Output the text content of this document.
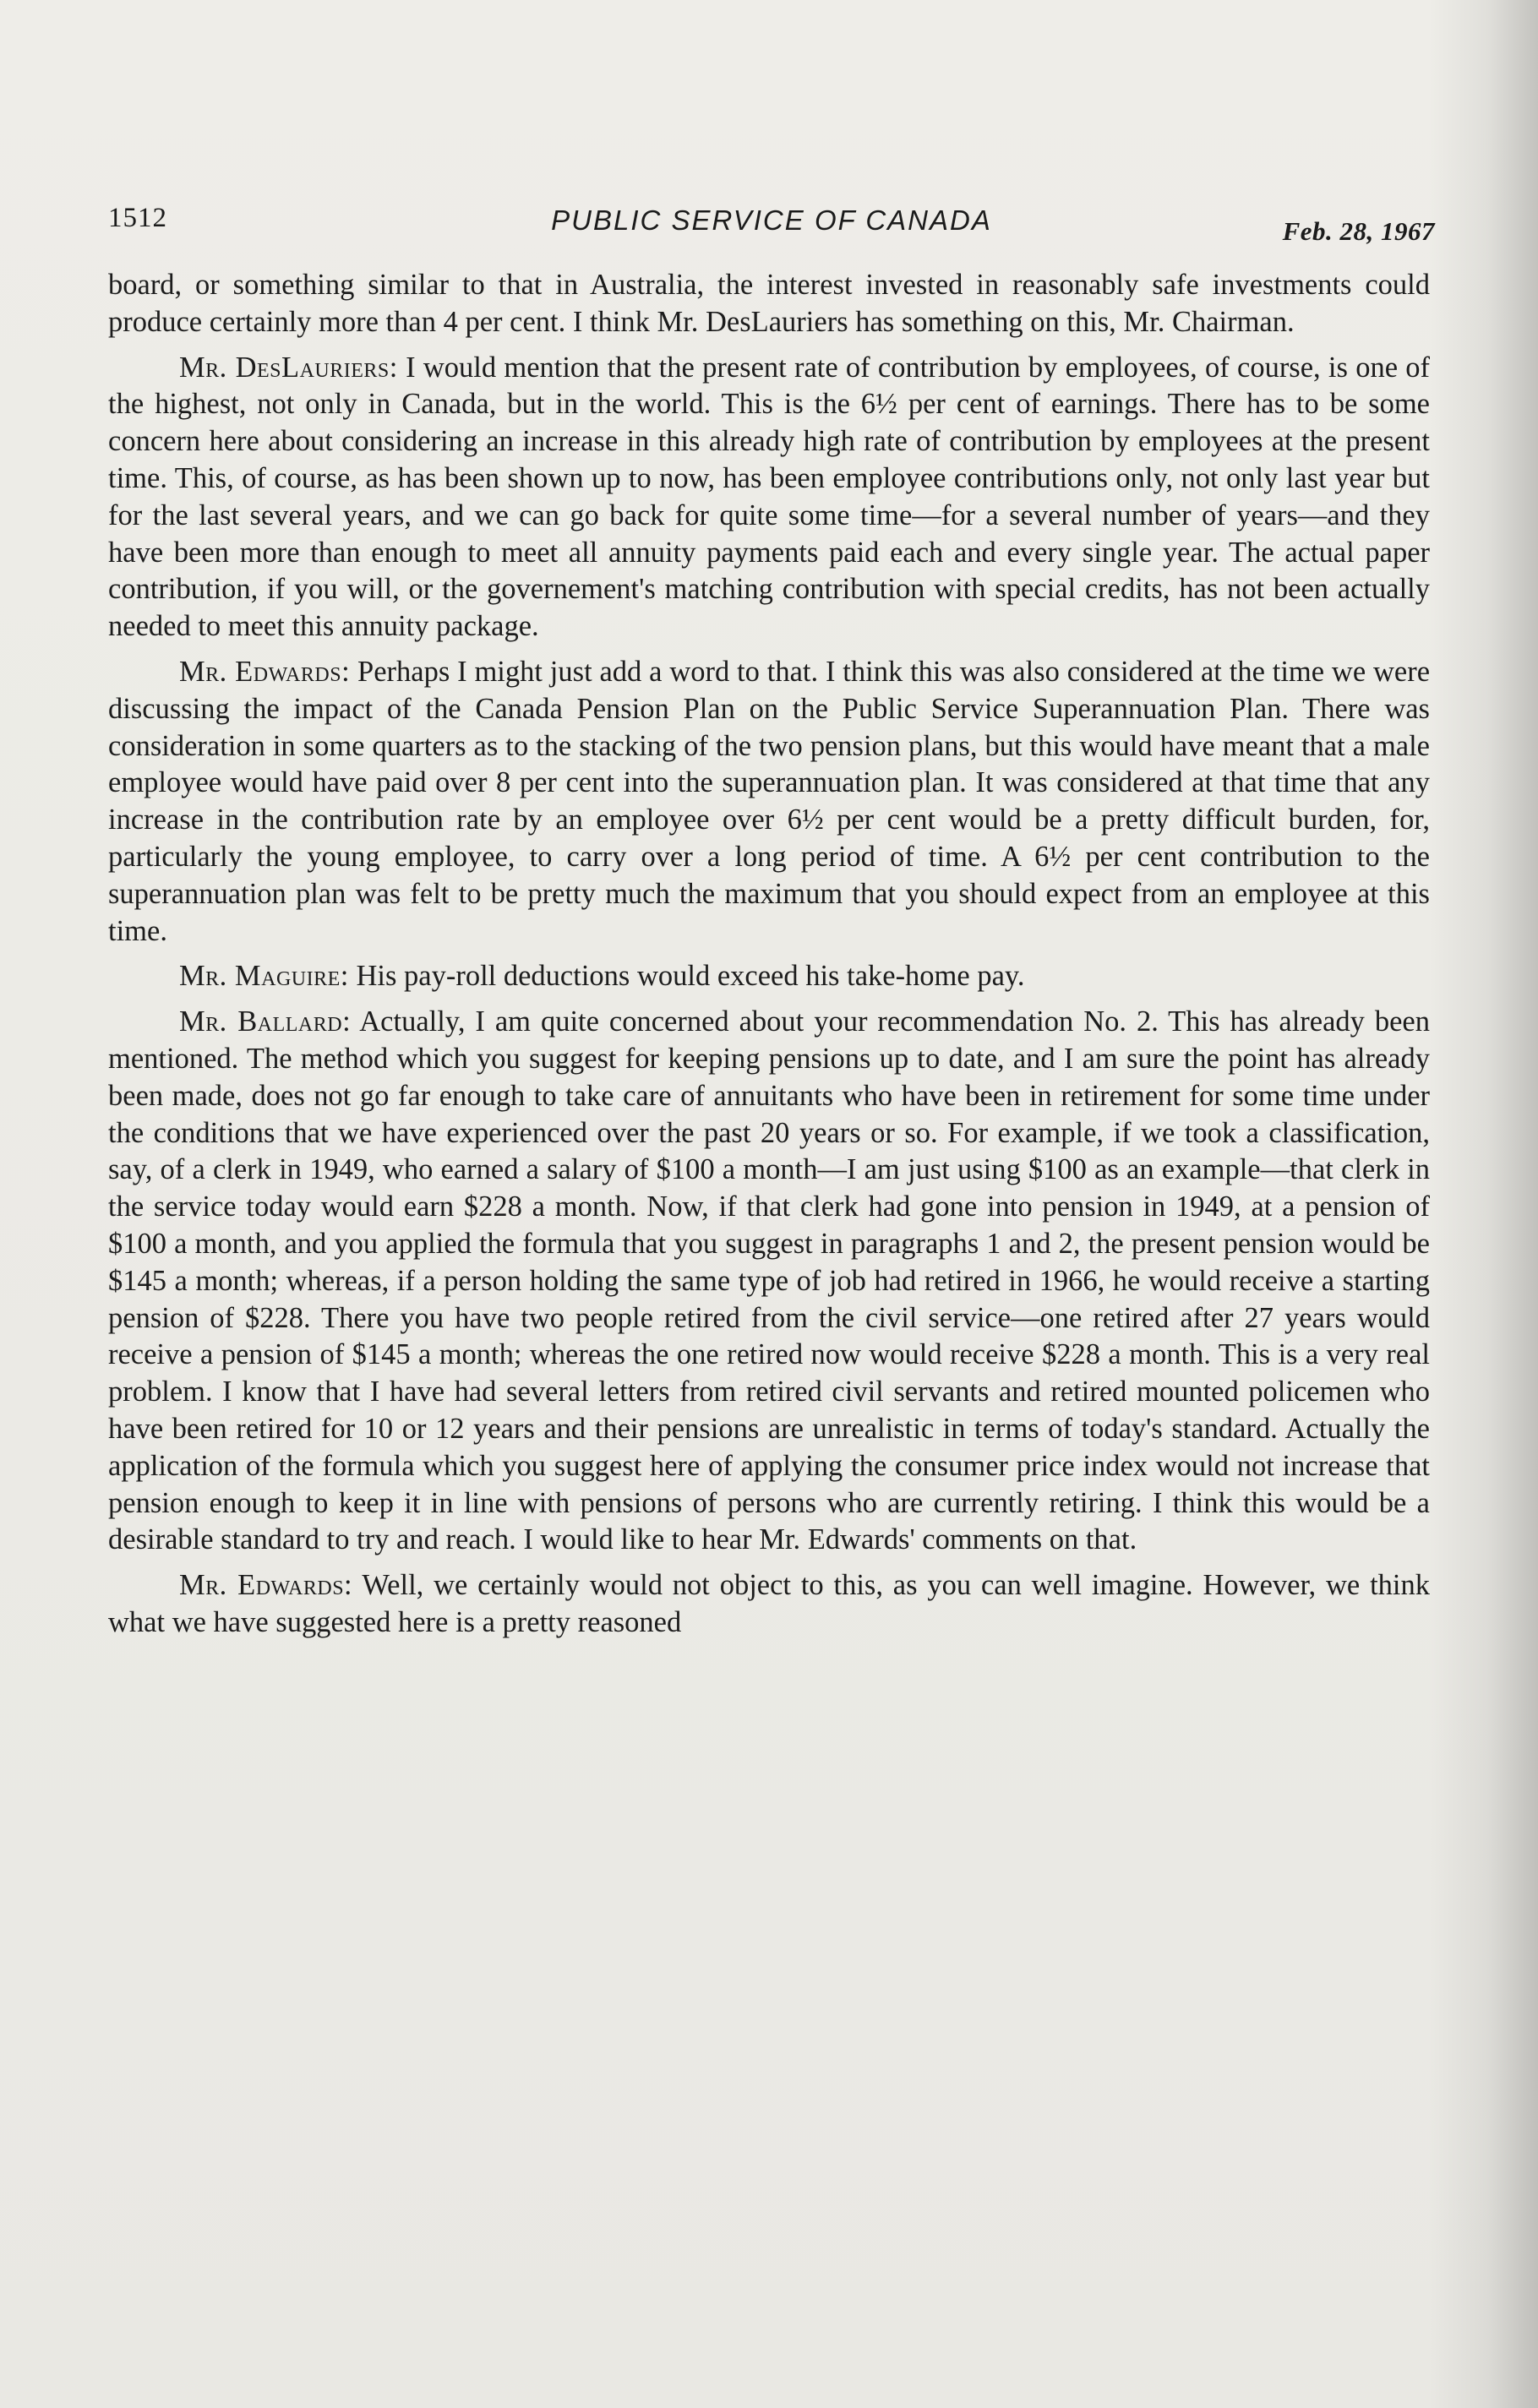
1512	PUBLIC SERVICE OF CANADA	Feb. 28, 1967

board, or something similar to that in Australia, the interest invested in reasonably safe investments could produce certainly more than 4 per cent. I think Mr. DesLauriers has something on this, Mr. Chairman.

Mr. DesLauriers: I would mention that the present rate of contribution by employees, of course, is one of the highest, not only in Canada, but in the world. This is the 6½ per cent of earnings. There has to be some concern here about considering an increase in this already high rate of contribution by employees at the present time. This, of course, as has been shown up to now, has been employee contributions only, not only last year but for the last several years, and we can go back for quite some time—for a several number of years—and they have been more than enough to meet all annuity payments paid each and every single year. The actual paper contribution, if you will, or the governement's matching contribution with special credits, has not been actually needed to meet this annuity package.

Mr. Edwards: Perhaps I might just add a word to that. I think this was also considered at the time we were discussing the impact of the Canada Pension Plan on the Public Service Superannuation Plan. There was consideration in some quarters as to the stacking of the two pension plans, but this would have meant that a male employee would have paid over 8 per cent into the superannuation plan. It was considered at that time that any increase in the contribution rate by an employee over 6½ per cent would be a pretty difficult burden, for, particularly the young employee, to carry over a long period of time. A 6½ per cent contribution to the superannuation plan was felt to be pretty much the maximum that you should expect from an employee at this time.

Mr. Maguire: His pay-roll deductions would exceed his take-home pay.

Mr. Ballard: Actually, I am quite concerned about your recommendation No. 2. This has already been mentioned. The method which you suggest for keeping pensions up to date, and I am sure the point has already been made, does not go far enough to take care of annuitants who have been in retirement for some time under the conditions that we have experienced over the past 20 years or so. For example, if we took a classification, say, of a clerk in 1949, who earned a salary of $100 a month—I am just using $100 as an example—that clerk in the service today would earn $228 a month. Now, if that clerk had gone into pension in 1949, at a pension of $100 a month, and you applied the formula that you suggest in paragraphs 1 and 2, the present pension would be $145 a month; whereas, if a person holding the same type of job had retired in 1966, he would receive a starting pension of $228. There you have two people retired from the civil service—one retired after 27 years would receive a pension of $145 a month; whereas the one retired now would receive $228 a month. This is a very real problem. I know that I have had several letters from retired civil servants and retired mounted policemen who have been retired for 10 or 12 years and their pensions are unrealistic in terms of today's standard. Actually the application of the formula which you suggest here of applying the consumer price index would not increase that pension enough to keep it in line with pensions of persons who are currently retiring. I think this would be a desirable standard to try and reach. I would like to hear Mr. Edwards' comments on that.

Mr. Edwards: Well, we certainly would not object to this, as you can well imagine. However, we think what we have suggested here is a pretty reasoned
